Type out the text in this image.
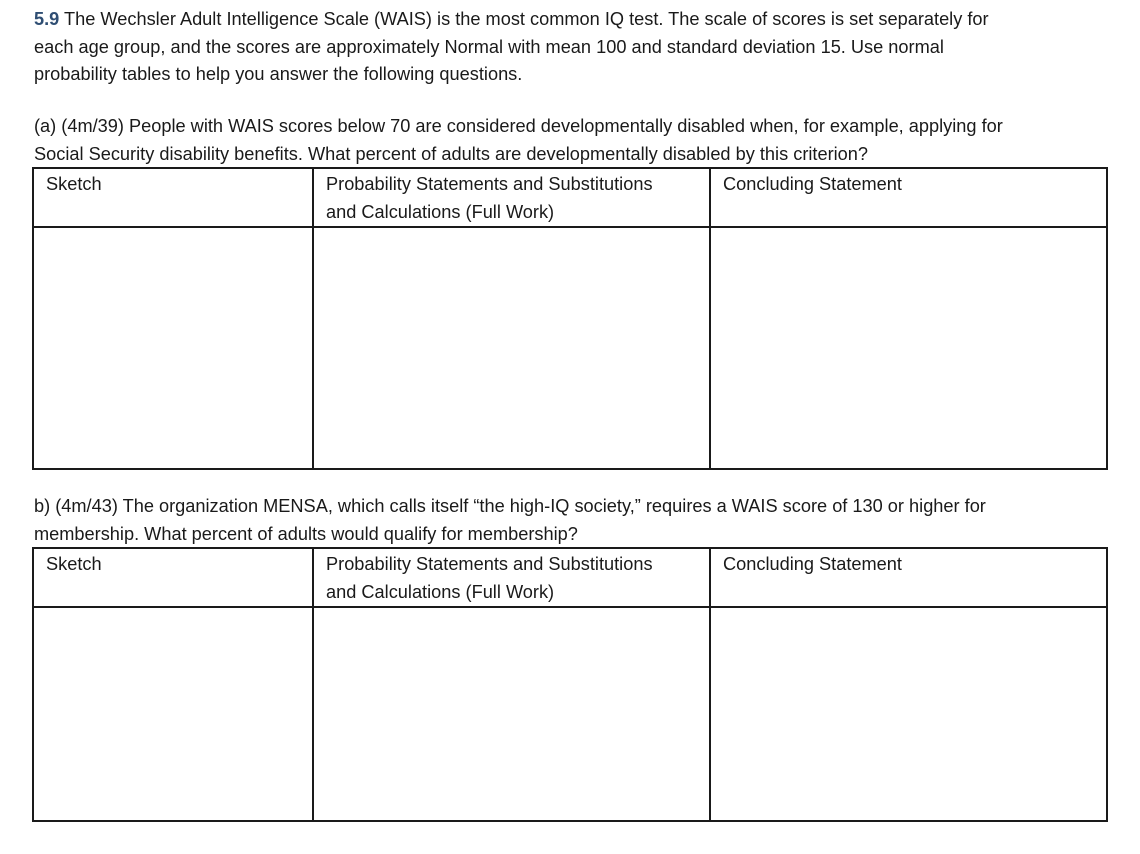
5.9 The Wechsler Adult Intelligence Scale (WAIS) is the most common IQ test. The scale of scores is set separately for
each age group, and the scores are approximately Normal with mean 100 and standard deviation 15. Use normal
probability tables to help you answer the following questions.
(a) (4m/39) People with WAIS scores below 70 are considered developmentally disabled when, for example, applying for
Social Security disability benefits. What percent of adults are developmentally disabled by this criterion?
Sketch	Probability Statements and Substitutions
and Calculations (Full Work)	Concluding Statement

b) (4m/43) The organization MENSA, which calls itself “the high-IQ society,” requires a WAIS score of 130 or higher for
membership. What percent of adults would qualify for membership?
Sketch	Probability Statements and Substitutions
and Calculations (Full Work)	Concluding Statement
